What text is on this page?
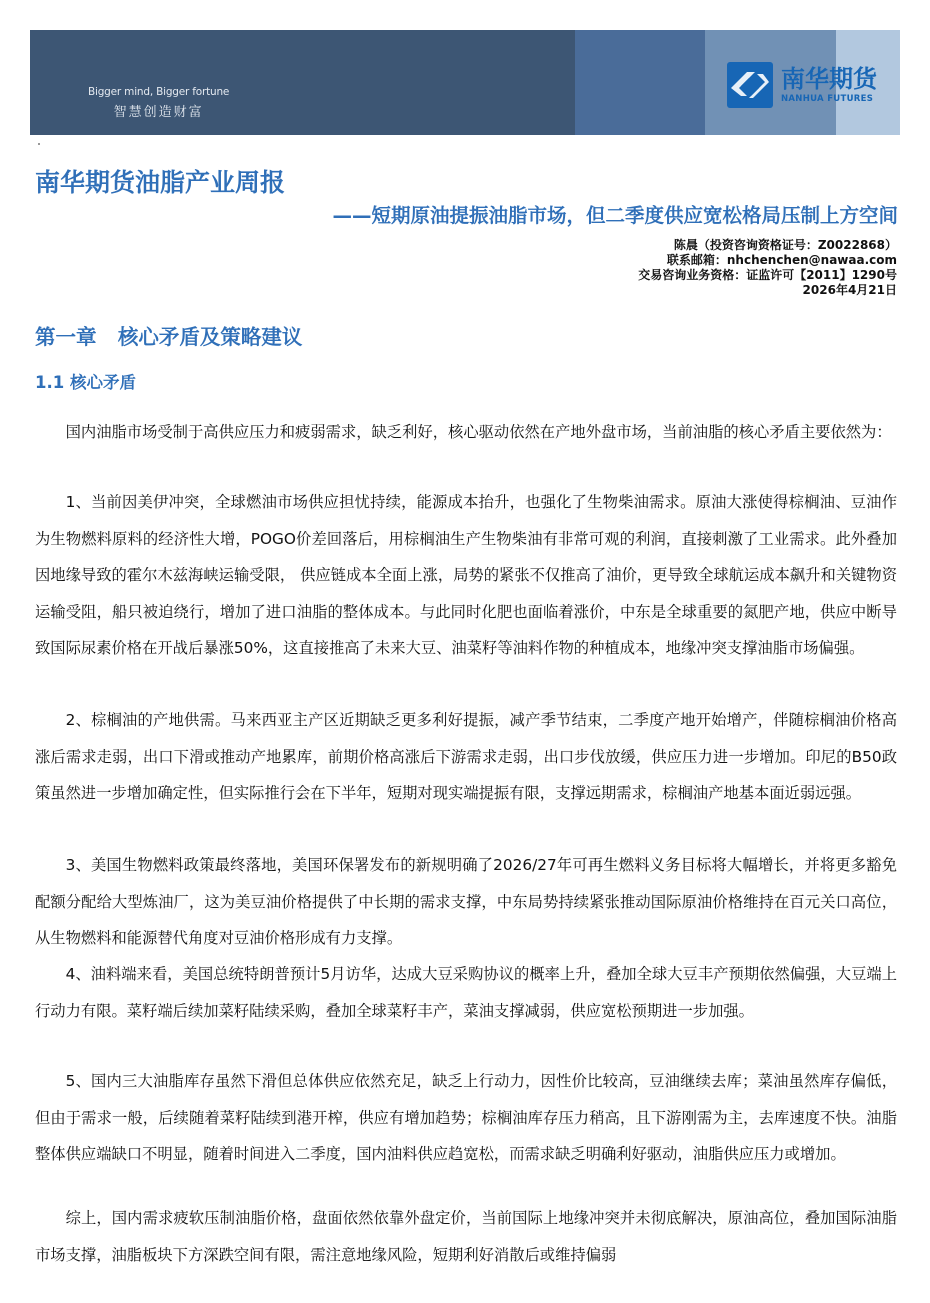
Bigger mind, Bigger fortune
智慧创造财富
南华期货
NANHUA FUTURES
南华期货油脂产业周报
——短期原油提振油脂市场，但二季度供应宽松格局压制上方空间
陈晨（投资咨询资格证号：Z0022868）
联系邮箱：nhchenchen@nawaa.com
交易咨询业务资格：证监许可【2011】1290号
2026年4月21日
第一章   核心矛盾及策略建议
1.1 核心矛盾

国内油脂市场受制于高供应压力和疲弱需求，缺乏利好，核心驱动依然在产地外盘市场，当前油脂的核心矛盾主要依然为：

1、当前因美伊冲突，全球燃油市场供应担忧持续，能源成本抬升，也强化了生物柴油需求。原油大涨使得棕榈油、豆油作为生物燃料原料的经济性大增，POGO价差回落后，用棕榈油生产生物柴油有非常可观的利润，直接刺激了工业需求。此外叠加因地缘导致的霍尔木兹海峡运输受限， 供应链成本全面上涨，局势的紧张不仅推高了油价，更导致全球航运成本飙升和关键物资运输受阻，船只被迫绕行，增加了进口油脂的整体成本。与此同时化肥也面临着涨价，中东是全球重要的氮肥产地，供应中断导致国际尿素价格在开战后暴涨50%，这直接推高了未来大豆、油菜籽等油料作物的种植成本，地缘冲突支撑油脂市场偏强。

2、棕榈油的产地供需。马来西亚主产区近期缺乏更多利好提振，减产季节结束，二季度产地开始增产，伴随棕榈油价格高涨后需求走弱，出口下滑或推动产地累库，前期价格高涨后下游需求走弱，出口步伐放缓，供应压力进一步增加。印尼的B50政策虽然进一步增加确定性，但实际推行会在下半年，短期对现实端提振有限，支撑远期需求，棕榈油产地基本面近弱远强。

3、美国生物燃料政策最终落地，美国环保署发布的新规明确了2026/27年可再生燃料义务目标将大幅增长，并将更多豁免配额分配给大型炼油厂，这为美豆油价格提供了中长期的需求支撑，中东局势持续紧张推动国际原油价格维持在百元关口高位，从生物燃料和能源替代角度对豆油价格形成有力支撑。

4、油料端来看，美国总统特朗普预计5月访华，达成大豆采购协议的概率上升，叠加全球大豆丰产预期依然偏强，大豆端上行动力有限。菜籽端后续加菜籽陆续采购，叠加全球菜籽丰产，菜油支撑减弱，供应宽松预期进一步加强。

5、国内三大油脂库存虽然下滑但总体供应依然充足，缺乏上行动力，因性价比较高，豆油继续去库；菜油虽然库存偏低，但由于需求一般，后续随着菜籽陆续到港开榨，供应有增加趋势；棕榈油库存压力稍高，且下游刚需为主，去库速度不快。油脂整体供应端缺口不明显，随着时间进入二季度，国内油料供应趋宽松，而需求缺乏明确利好驱动，油脂供应压力或增加。

综上，国内需求疲软压制油脂价格，盘面依然依靠外盘定价，当前国际上地缘冲突并未彻底解决，原油高位，叠加国际油脂市场支撑，油脂板块下方深跌空间有限，需注意地缘风险，短期利好消散后或维持偏弱
